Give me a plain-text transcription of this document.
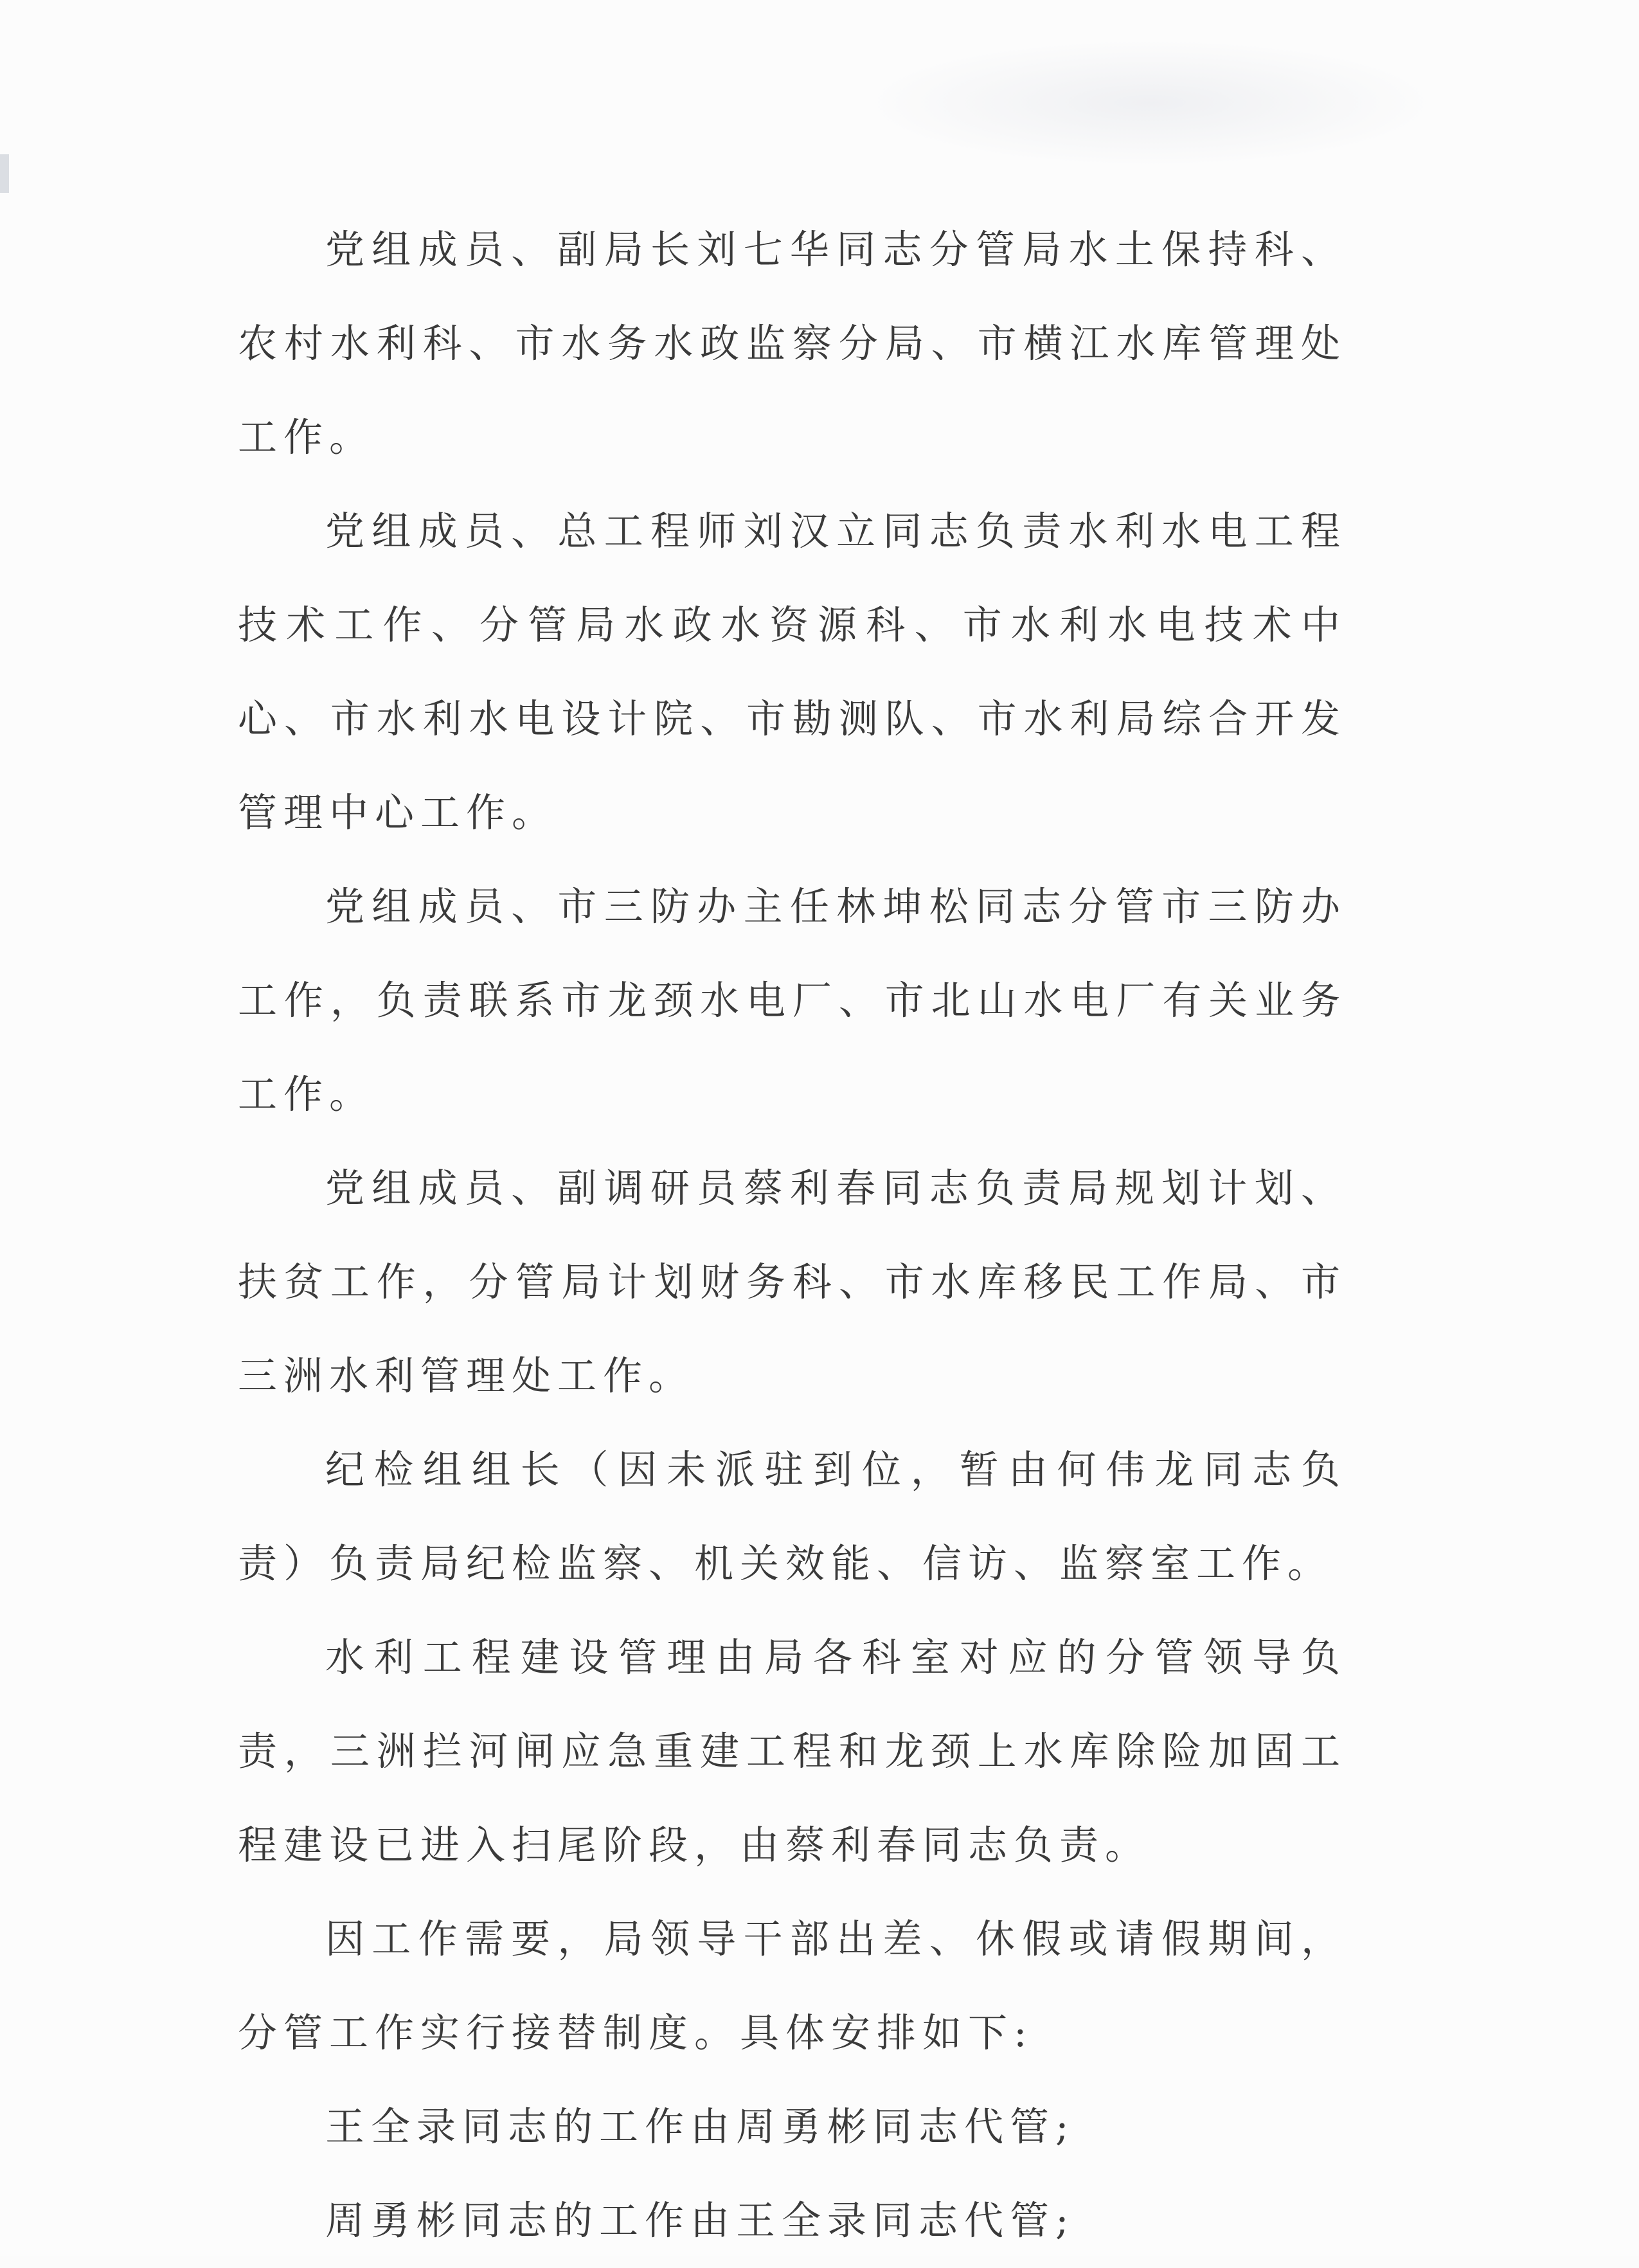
党组成员、副局长刘七华同志分管局水土保持科、农村水利科、市水务水政监察分局、市横江水库管理处工作。

党组成员、总工程师刘汉立同志负责水利水电工程技术工作、分管局水政水资源科、市水利水电技术中心、市水利水电设计院、市勘测队、市水利局综合开发管理中心工作。

党组成员、市三防办主任林坤松同志分管市三防办工作，负责联系市龙颈水电厂、市北山水电厂有关业务工作。

党组成员、副调研员蔡利春同志负责局规划计划、扶贫工作，分管局计划财务科、市水库移民工作局、市三洲水利管理处工作。

纪检组组长（因未派驻到位，暂由何伟龙同志负责）负责局纪检监察、机关效能、信访、监察室工作。

水利工程建设管理由局各科室对应的分管领导负责，三洲拦河闸应急重建工程和龙颈上水库除险加固工程建设已进入扫尾阶段，由蔡利春同志负责。

因工作需要，局领导干部出差、休假或请假期间，分管工作实行接替制度。具体安排如下:

王全录同志的工作由周勇彬同志代管;

周勇彬同志的工作由王全录同志代管;
